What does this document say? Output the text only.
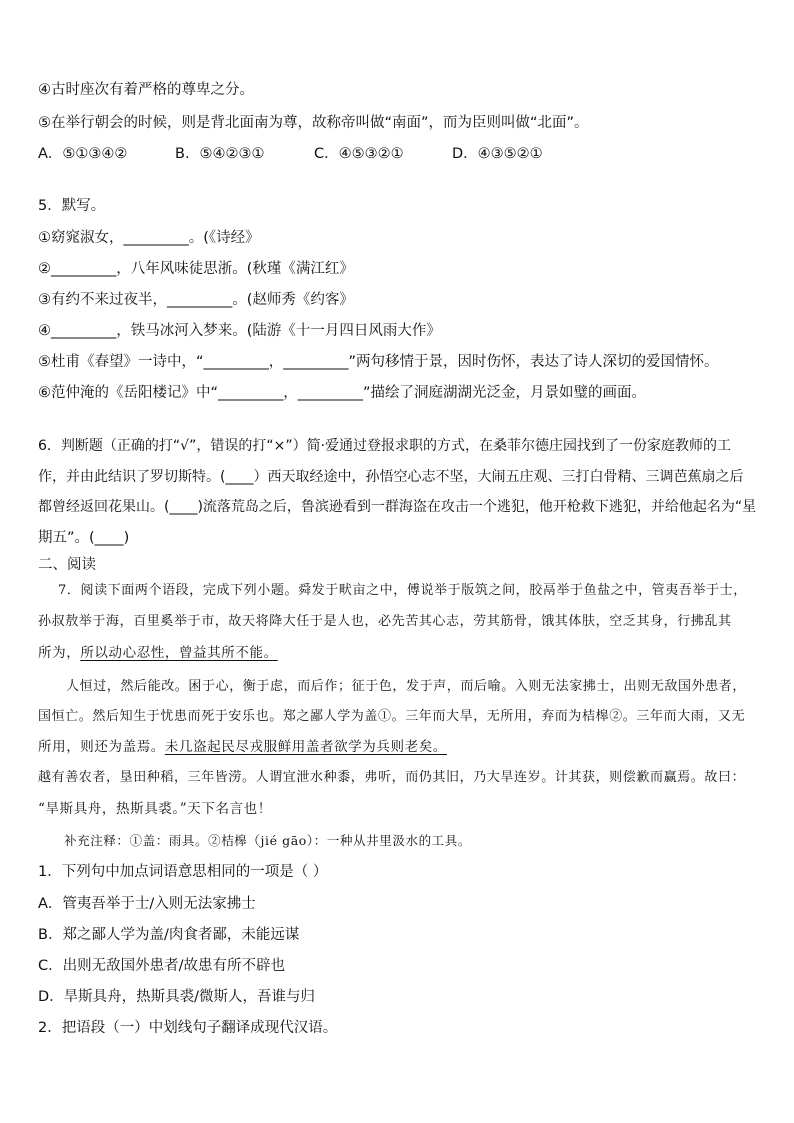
④古时座次有着严格的尊卑之分。
⑤在举行朝会的时候，则是背北面南为尊，故称帝叫做“南面”，而为臣则叫做“北面”。
A．⑤①③④②	B．⑤④②③①	C．④⑤③②①	D．④③⑤②①
5．默写。
①窈窕淑女，_________。(《诗经》
②_________，八年风味徒思浙。(秋瑾《满江红》
③有约不来过夜半，_________。(赵师秀《约客》
④_________，铁马冰河入梦来。(陆游《十一月四日风雨大作》
⑤杜甫《春望》一诗中，“_________，_________”两句移情于景，因时伤怀，表达了诗人深切的爱国情怀。
⑥范仲淹的《岳阳楼记》中“_________，_________”描绘了洞庭湖湖光泛金，月景如璧的画面。
6．判断题（正确的打“√”，错误的打“×”）简·爱通过登报求职的方式，在桑菲尔德庄园找到了一份家庭教师的工
作，并由此结识了罗切斯特。(____）西天取经途中，孙悟空心志不坚，大闹五庄观、三打白骨精、三调芭蕉扇之后
都曾经返回花果山。(____)流落荒岛之后，鲁滨逊看到一群海盗在攻击一个逃犯，他开枪救下逃犯，并给他起名为“星
期五”。(____)
二、阅读
7．阅读下面两个语段，完成下列小题。舜发于畎亩之中，傅说举于版筑之间，胶鬲举于鱼盐之中，管夷吾举于士，
孙叔敖举于海，百里奚举于市，故天将降大任于是人也，必先苦其心志，劳其筋骨，饿其体肤，空乏其身，行拂乱其
所为，所以动心忍性，曾益其所不能。
人恒过，然后能改。困于心，衡于虑，而后作；征于色，发于声，而后喻。入则无法家拂士，出则无敌国外患者，
国恒亡。然后知生于忧患而死于安乐也。郑之鄙人学为盖①。三年而大旱，无所用，弃而为桔槔②。三年而大雨，又无
所用，则还为盖焉。未几盗起民尽戎服鲜用盖者欲学为兵则老矣。
越有善农者，垦田种稻，三年皆涝。人谓宜泄水种黍，弗听，而仍其旧，乃大旱连岁。计其获，则偿歉而赢焉。故曰：
“旱斯具舟，热斯具裘。”天下名言也！
补充注释：①盖：雨具。②桔槔（jié gāo）：一种从井里汲水的工具。
1．下列句中加点词语意思相同的一项是（ ）
A．管夷吾举于士/入则无法家拂士
B．郑之鄙人学为盖/肉食者鄙，未能远谋
C．出则无敌国外患者/故患有所不辟也
D．旱斯具舟，热斯具裘/微斯人，吾谁与归
2．把语段（一）中划线句子翻译成现代汉语。
